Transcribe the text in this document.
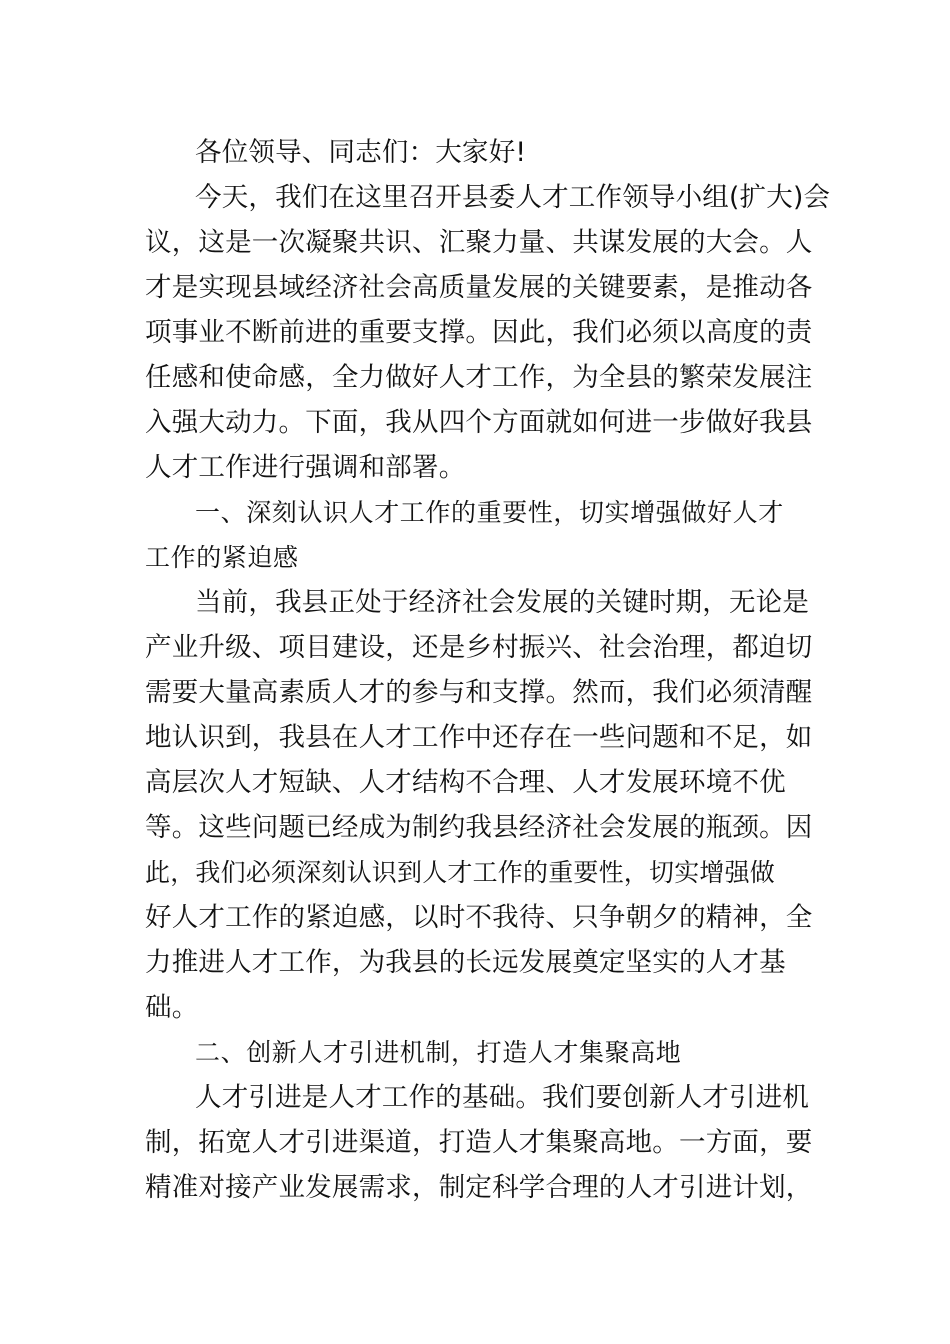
各位领导、同志们：大家好!
今天，我们在这里召开县委人才工作领导小组(扩大)会
议，这是一次凝聚共识、汇聚力量、共谋发展的大会。人
才是实现县域经济社会高质量发展的关键要素，是推动各
项事业不断前进的重要支撑。因此，我们必须以高度的责
任感和使命感，全力做好人才工作，为全县的繁荣发展注
入强大动力。下面，我从四个方面就如何进一步做好我县
人才工作进行强调和部署。
一、深刻认识人才工作的重要性，切实增强做好人才
工作的紧迫感
当前，我县正处于经济社会发展的关键时期，无论是
产业升级、项目建设，还是乡村振兴、社会治理，都迫切
需要大量高素质人才的参与和支撑。然而，我们必须清醒
地认识到，我县在人才工作中还存在一些问题和不足，如
高层次人才短缺、人才结构不合理、人才发展环境不优
等。这些问题已经成为制约我县经济社会发展的瓶颈。因
此，我们必须深刻认识到人才工作的重要性，切实增强做
好人才工作的紧迫感，以时不我待、只争朝夕的精神，全
力推进人才工作，为我县的长远发展奠定坚实的人才基
础。
二、创新人才引进机制，打造人才集聚高地
人才引进是人才工作的基础。我们要创新人才引进机
制，拓宽人才引进渠道，打造人才集聚高地。一方面，要
精准对接产业发展需求，制定科学合理的人才引进计划，
